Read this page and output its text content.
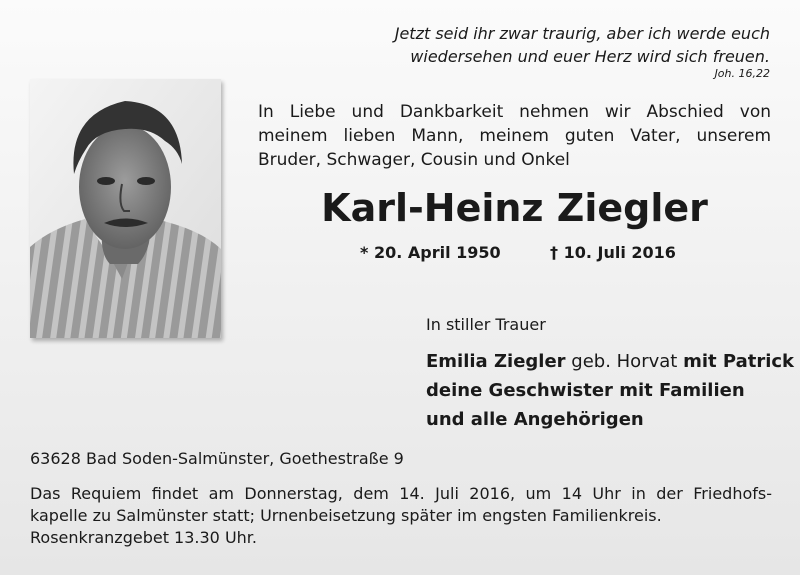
Jetzt seid ihr zwar traurig, aber ich werde euch
wiedersehen und euer Herz wird sich freuen.
Joh. 16,22
In Liebe und Dankbarkeit nehmen wir Abschied von
meinem lieben Mann, meinem guten Vater, unserem
Bruder, Schwager, Cousin und Onkel
Karl-Heinz Ziegler
* 20. April 1950	† 10. Juli 2016
In stiller Trauer
Emilia Ziegler geb. Horvat mit Patrick
deine Geschwister mit Familien
und alle Angehörigen
63628 Bad Soden-Salmünster, Goethestraße 9
Das Requiem findet am Donnerstag, dem 14. Juli 2016, um 14 Uhr in der Friedhofs-
kapelle zu Salmünster statt; Urnenbeisetzung später im engsten Familienkreis.
Rosenkranzgebet 13.30 Uhr.
